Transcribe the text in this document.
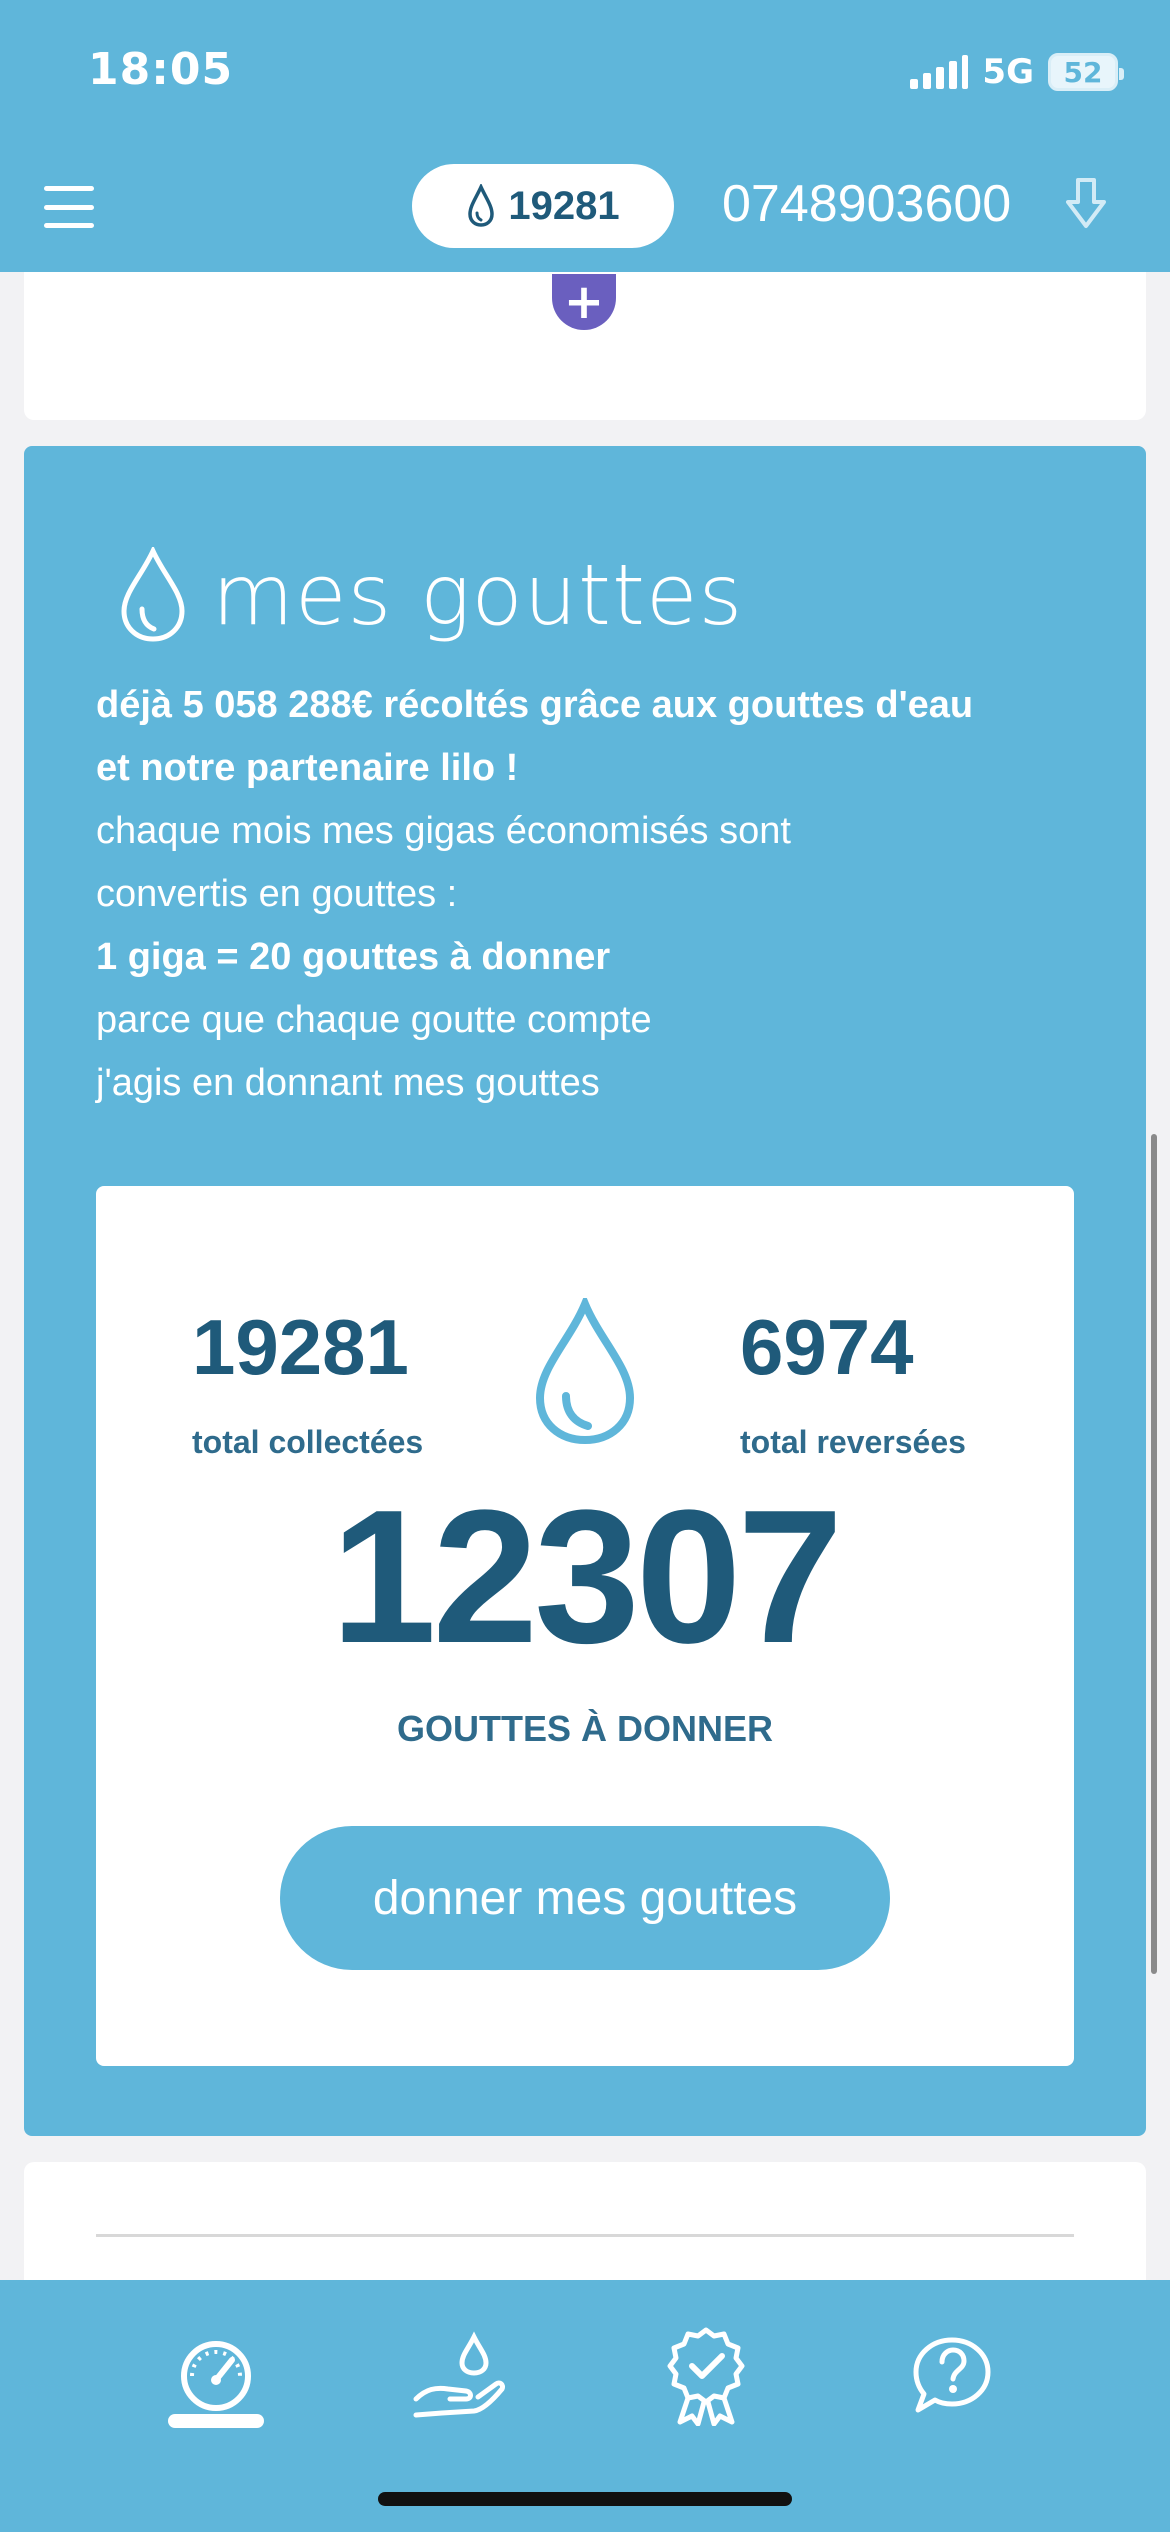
18:05	5G 52
19281 0748903600
+
mes gouttes
déjà 5 058 288€ récoltés grâce aux gouttes d'eau
et notre partenaire lilo !
chaque mois mes gigas économisés sont
convertis en gouttes :
1 giga = 20 gouttes à donner
parce que chaque goutte compte
j'agis en donnant mes gouttes
19281
total collectées
6974
total reversées
12307
GOUTTES À DONNER
donner mes gouttes
